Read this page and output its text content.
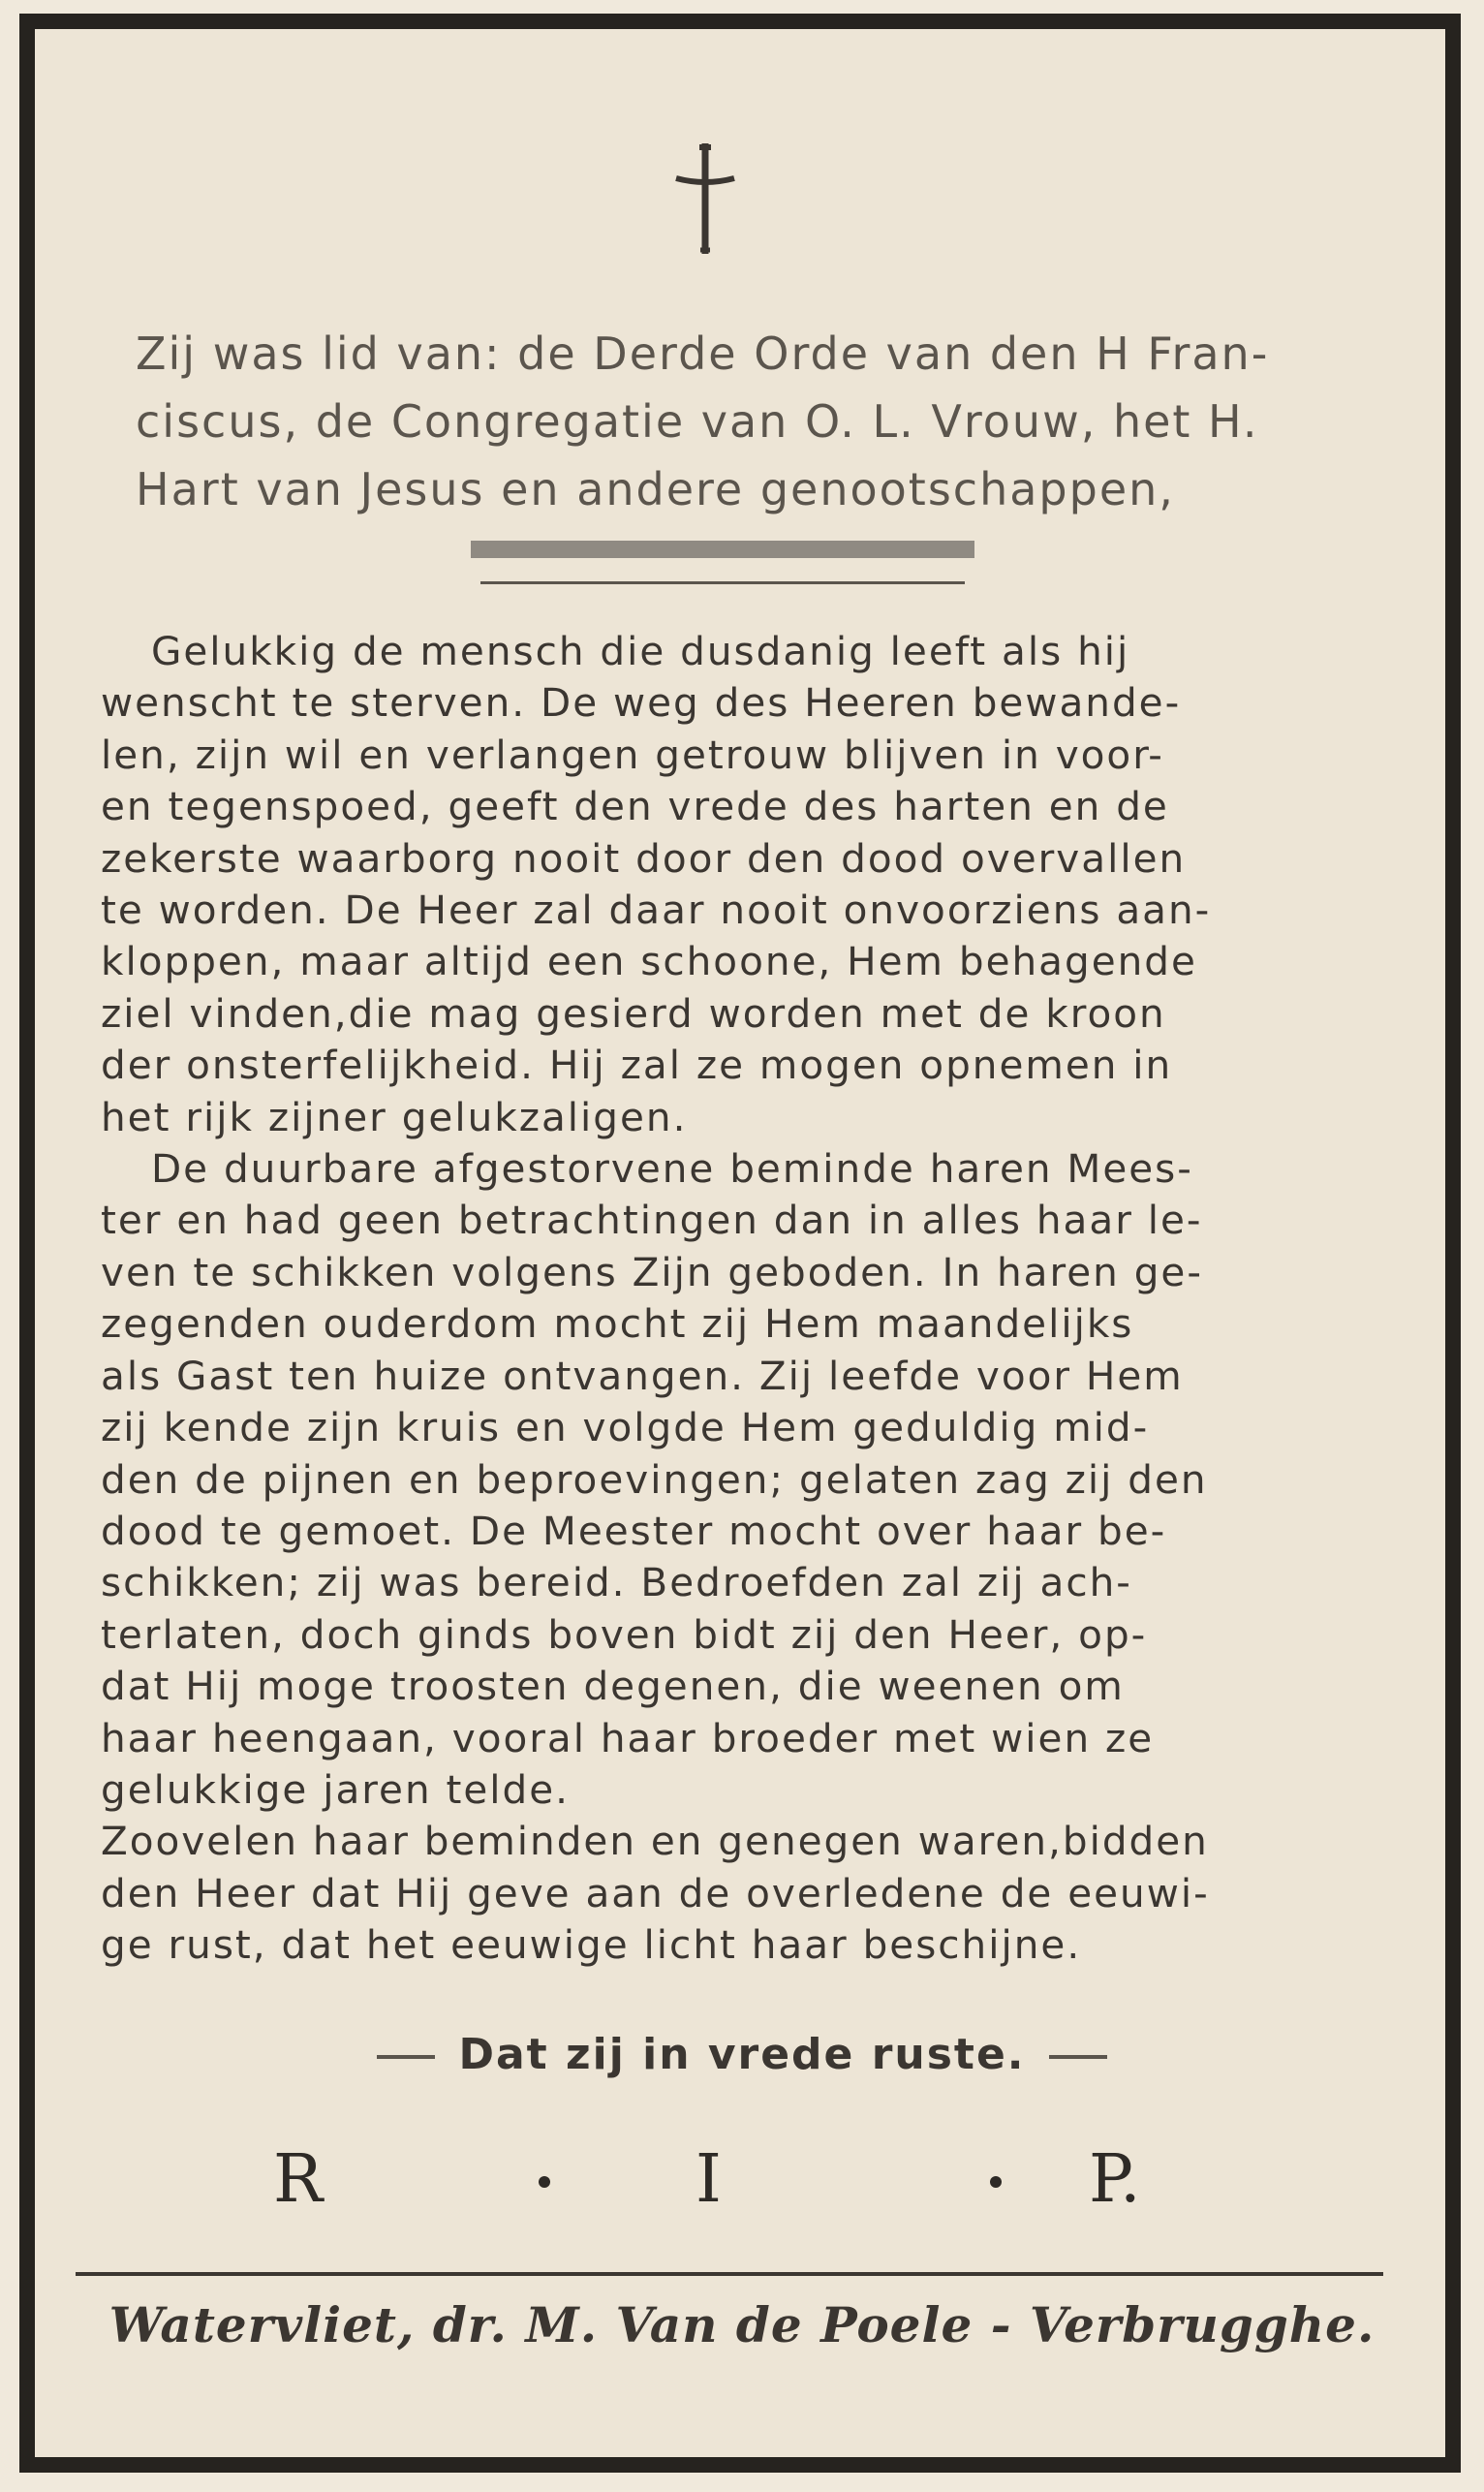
Zij was lid van: de Derde Orde van den H Fran-
ciscus, de Congregatie van O. L. Vrouw, het H.
Hart van Jesus en andere genootschappen,
Gelukkig de mensch die dusdanig leeft als hij
wenscht te sterven. De weg des Heeren bewande-
len, zijn wil en verlangen getrouw blijven in voor-
en tegenspoed, geeft den vrede des harten en de
zekerste waarborg nooit door den dood overvallen
te worden. De Heer zal daar nooit onvoorziens aan-
kloppen, maar altijd een schoone, Hem behagende
ziel vinden,die mag gesierd worden met de kroon
der onsterfelijkheid. Hij zal ze mogen opnemen in
het rijk zijner gelukzaligen.
De duurbare afgestorvene beminde haren Mees-
ter en had geen betrachtingen dan in alles haar le-
ven te schikken volgens Zijn geboden. In haren ge-
zegenden ouderdom mocht zij Hem maandelijks
als Gast ten huize ontvangen. Zij leefde voor Hem
zij kende zijn kruis en volgde Hem geduldig mid-
den de pijnen en beproevingen; gelaten zag zij den
dood te gemoet. De Meester mocht over haar be-
schikken; zij was bereid. Bedroefden zal zij ach-
terlaten, doch ginds boven bidt zij den Heer, op-
dat Hij moge troosten degenen, die weenen om
haar heengaan, vooral haar broeder met wien ze
gelukkige jaren telde.
Zoovelen haar beminden en genegen waren,bidden
den Heer dat Hij geve aan de overledene de eeuwi-
ge rust, dat het eeuwige licht haar beschijne.
Dat zij in vrede ruste.
R	I	P.
Watervliet, dr. M. Van de Poele - Verbrugghe.
